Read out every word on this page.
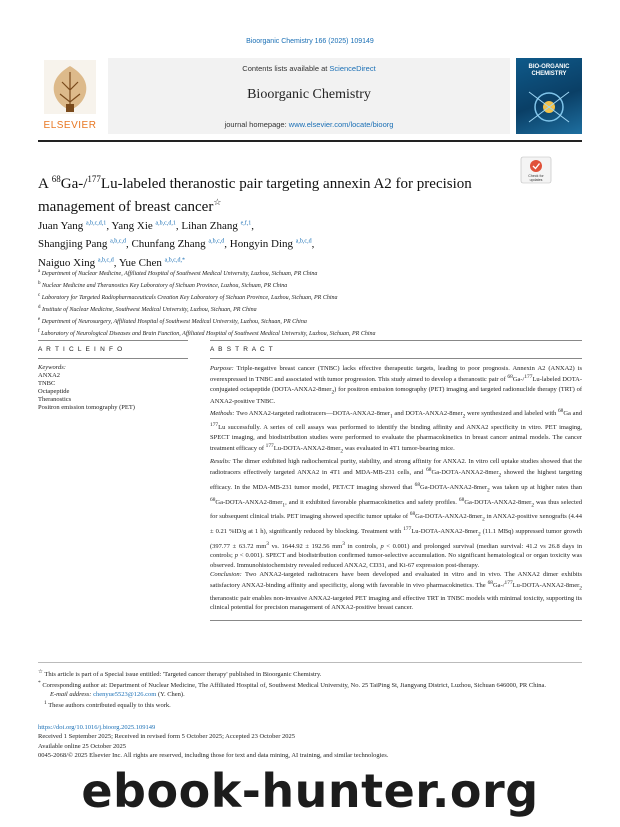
Bioorganic Chemistry 166 (2025) 109149
ELSEVIER
Contents lists available at ScienceDirect
Bioorganic Chemistry
journal homepage: www.elsevier.com/locate/bioorg
BIO-ORGANIC CHEMISTRY
A $^{68}$Ga-/$^{177}$Lu-labeled theranostic pair targeting annexin A2 for precision management of breast cancer☆
Check for updates
Juan Yang $^{a,b,c,d,1}$, Yang Xie $^{a,b,c,d,1}$, Lihan Zhang $^{e,f,1}$,
Shangjing Pang $^{a,b,c,d}$, Chunfang Zhang $^{a,b,c,d}$, Hongyin Ding $^{a,b,c,d}$,
Naiguo Xing $^{a,b,c,d}$, Yue Chen $^{a,b,c,d,*}$
$^a$ Department of Nuclear Medicine, Affiliated Hospital of Southwest Medical University, Luzhou, Sichuan, PR China
$^b$ Nuclear Medicine and Theranostics Key Laboratory of Sichuan Province, Luzhou, Sichuan, PR China
$^c$ Laboratory for Targeted Radiopharmaceuticals Creation Key Laboratory of Sichuan Province, Luzhou, Sichuan, PR China
$^d$ Institute of Nuclear Medicine, Southwest Medical University, Luzhou, Sichuan, PR China
$^e$ Department of Neurosurgery, Affiliated Hospital of Southwest Medical University, Luzhou, Sichuan, PR China
$^f$ Laboratory of Neurological Diseases and Brain Function, Affiliated Hospital of Southwest Medical University, Luzhou, Sichuan, PR China
A R T I C L E I N F O	A B S T R A C T
Keywords:
ANXA2
TNBC
Octapeptide
Theranostics
Positron emission tomography (PET)

Purpose: Triple-negative breast cancer (TNBC) lacks effective therapeutic targets, leading to poor prognosis. Annexin A2 (ANXA2) is overexpressed in TNBC and associated with tumor progression. This study aimed to develop a theranostic pair of $^{68}$Ga-/$^{177}$Lu-labeled DOTA-conjugated octapeptide (DOTA-ANXA2-8mer$_2$) for positron emission tomography (PET) imaging and targeted radionuclide therapy (TRT) of ANXA2-positive TNBC.

Methods: Two ANXA2-targeted radiotracers—DOTA-ANXA2-8mer$_1$ and DOTA-ANXA2-8mer$_2$ were synthesized and labeled with $^{68}$Ga and $^{177}$Lu successfully. A series of cell assays was performed to identify the binding affinity and ANXA2 specificity in vitro. PET imaging, SPECT imaging, and biodistribution studies were performed to evaluate the pharmacokinetics in breast cancer animal models. The cancer treatment efficacy of $^{177}$Lu-DOTA-ANXA2-8mer$_2$ was evaluated in 4T1 tumor-bearing mice.

Results: The dimer exhibited high radiochemical purity, stability, and strong affinity for ANXA2. In vitro cell uptake studies showed that the radiotracers effectively targeted ANXA2 in 4T1 and MDA-MB-231 cells, and $^{68}$Ga-DOTA-ANXA2-8mer$_2$ showed the highest targeting efficacy. In the MDA-MB-231 tumor model, PET/CT imaging showed that $^{68}$Ga-DOTA-ANXA2-8mer$_2$ was taken up at higher rates than $^{68}$Ga-DOTA-ANXA2-8mer$_1$, and it exhibited favorable pharmacokinetics and safety profiles. $^{68}$Ga-DOTA-ANXA2-8mer$_2$ was thus selected for subsequent clinical trials. PET imaging showed specific tumor uptake of $^{68}$Ga-DOTA-ANXA2-8mer$_2$ in ANXA2-positive xenografts (4.44 ± 0.21 %ID/g at 1 h), significantly reduced by blocking. Treatment with $^{177}$Lu-DOTA-ANXA2-8mer$_2$ (11.1 MBq) suppressed tumor growth (397.77 ± 63.72 $mm^3$ vs. 1644.92 ± 192.56 $mm^3$ in controls, p < 0.001) and prolonged survival (median survival: 41.2 vs 26.8 days in controls; p < 0.001). SPECT and biodistribution confirmed tumor-selective accumulation. No significant hematological or organ toxicity was observed. Immunohistochemistry revealed reduced ANXA2, CD31, and Ki-67 expression post-therapy.

Conclusion: Two ANXA2-targeted radiotracers have been developed and evaluated in vitro and in vivo. The ANXA2 dimer exhibits satisfactory ANXA2-binding affinity and specificity, along with favorable in vivo pharmacokinetics. The $^{68}$Ga-/$^{177}$Lu-DOTA-ANXA2-8mer$_2$ theranostic pair enables non-invasive ANXA2-targeted PET imaging and effective TRT in TNBC models with minimal toxicity, supporting its clinical potential for precision management of ANXA2-positive breast cancer.

☆ This article is part of a Special issue entitled: 'Targeted cancer therapy' published in Bioorganic Chemistry.
* Corresponding author at: Department of Nuclear Medicine, The Affiliated Hospital of, Southwest Medical University, No. 25 TaiPing St, Jiangyang District, Luzhou, Sichuan 646000, PR China.
E-mail address: chenyue5523@126.com (Y. Chen).
$^1$ These authors contributed equally to this work.
https://doi.org/10.1016/j.bioorg.2025.109149
Received 1 September 2025; Received in revised form 5 October 2025; Accepted 23 October 2025
Available online 25 October 2025
0045-2068/© 2025 Elsevier Inc. All rights are reserved, including those for text and data mining, AI training, and similar technologies.
ebook-hunter.org
